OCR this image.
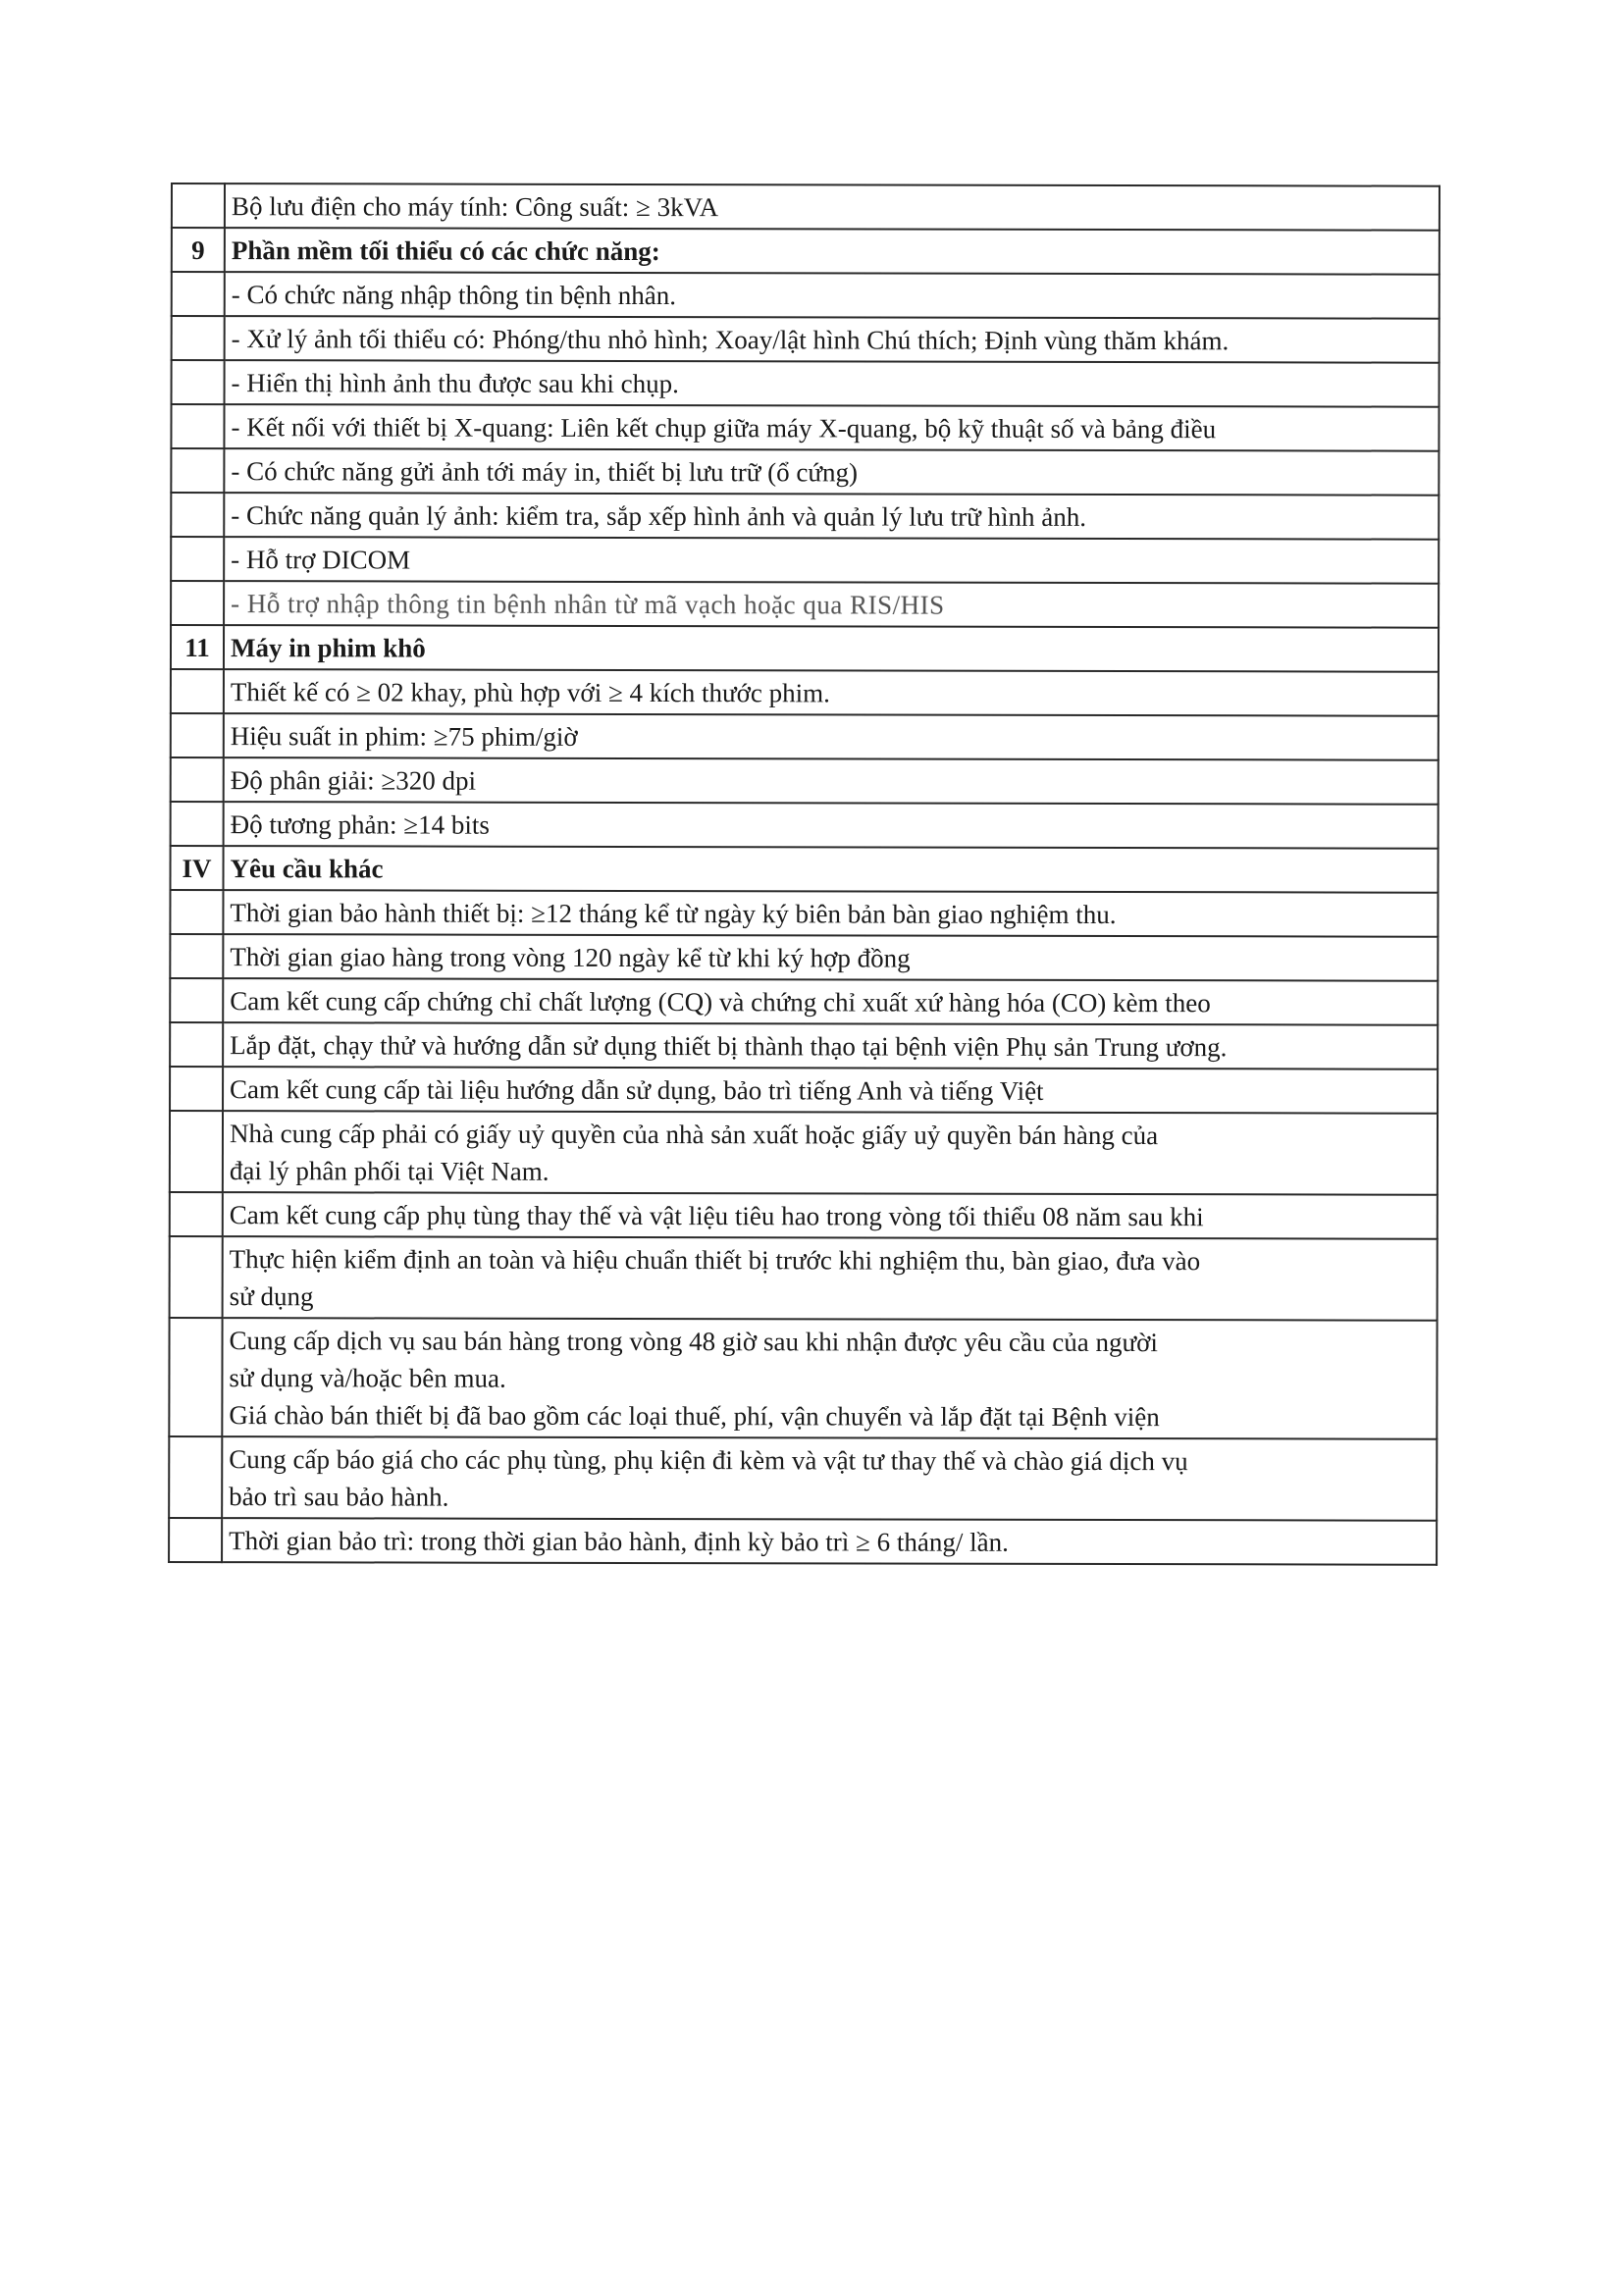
	Bộ lưu điện cho máy tính: Công suất: ≥ 3kVA

9	Phần mềm tối thiểu có các chức năng:

	- Có chức năng nhập thông tin bệnh nhân.

	- Xử lý ảnh tối thiểu có: Phóng/thu nhỏ hình; Xoay/lật hình Chú thích; Định vùng thăm khám.

	- Hiển thị hình ảnh thu được sau khi chụp.

	- Kết nối với thiết bị X-quang: Liên kết chụp giữa máy X-quang, bộ kỹ thuật số và bảng điều

	- Có chức năng gửi ảnh tới máy in, thiết bị lưu trữ (ổ cứng)

	- Chức năng quản lý ảnh: kiểm tra, sắp xếp hình ảnh và quản lý lưu trữ hình ảnh.

	- Hỗ trợ DICOM

	- Hỗ trợ nhập thông tin bệnh nhân từ mã vạch hoặc qua RIS/HIS

11	Máy in phim khô

	Thiết kế có ≥ 02 khay, phù hợp với ≥ 4 kích thước phim.

	Hiệu suất in phim: ≥75 phim/giờ

	Độ phân giải: ≥320 dpi

	Độ tương phản: ≥14 bits

IV	Yêu cầu khác

	Thời gian bảo hành thiết bị: ≥12 tháng kể từ ngày ký biên bản bàn giao nghiệm thu.

	Thời gian giao hàng trong vòng 120 ngày kể từ khi ký hợp đồng

	Cam kết cung cấp chứng chỉ chất lượng (CQ) và chứng chỉ xuất xứ hàng hóa (CO) kèm theo

	Lắp đặt, chạy thử và hướng dẫn sử dụng thiết bị thành thạo tại bệnh viện Phụ sản Trung ương.

	Cam kết cung cấp tài liệu hướng dẫn sử dụng, bảo trì tiếng Anh và tiếng Việt

	Nhà cung cấp phải có giấy uỷ quyền của nhà sản xuất hoặc giấy uỷ quyền bán hàng của
đại lý phân phối tại Việt Nam.

	Cam kết cung cấp phụ tùng thay thế và vật liệu tiêu hao trong vòng tối thiểu 08 năm sau khi

	Thực hiện kiểm định an toàn và hiệu chuẩn thiết bị trước khi nghiệm thu, bàn giao, đưa vào
sử dụng

	Cung cấp dịch vụ sau bán hàng trong vòng 48 giờ sau khi nhận được yêu cầu của người
sử dụng và/hoặc bên mua.
Giá chào bán thiết bị đã bao gồm các loại thuế, phí, vận chuyển và lắp đặt tại Bệnh viện

	Cung cấp báo giá cho các phụ tùng, phụ kiện đi kèm và vật tư thay thế và chào giá dịch vụ
bảo trì sau bảo hành.

	Thời gian bảo trì: trong thời gian bảo hành, định kỳ bảo trì ≥ 6 tháng/ lần.
